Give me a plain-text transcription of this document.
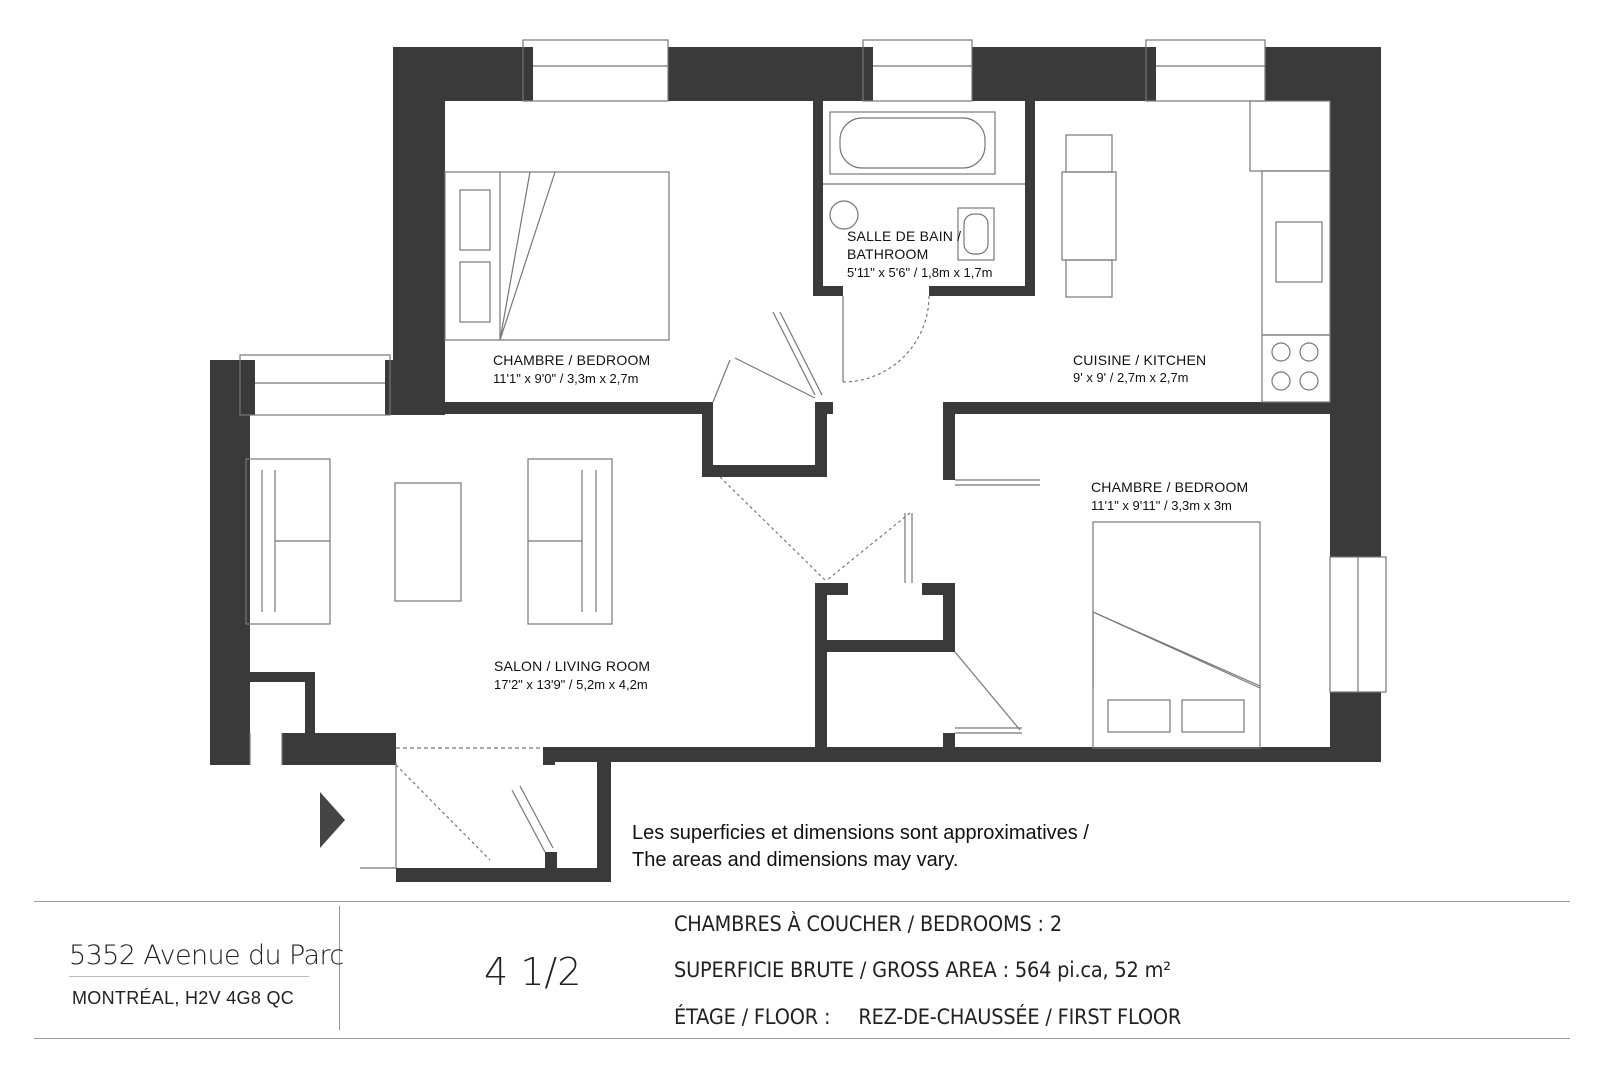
CHAMBRE / BEDROOM
11'1" x 9'0" / 3,3m x 2,7m
SALLE DE BAIN /
BATHROOM
5'11" x 5'6" / 1,8m x 1,7m
CUISINE / KITCHEN
9' x 9' / 2,7m x 2,7m
CHAMBRE / BEDROOM
11'1" x 9'11" / 3,3m x 3m
SALON / LIVING ROOM
17'2" x 13'9" / 5,2m x 4,2m
Les superficies et dimensions sont approximatives /
The areas and dimensions may vary.
5352 Avenue du Parc
MONTRÉAL, H2V 4G8 QC
4 1/2
CHAMBRES À COUCHER / BEDROOMS : 2
SUPERFICIE BRUTE / GROSS AREA : 564 pi.ca, 52 m²
ÉTAGE / FLOOR : REZ-DE-CHAUSSÉE / FIRST FLOOR
